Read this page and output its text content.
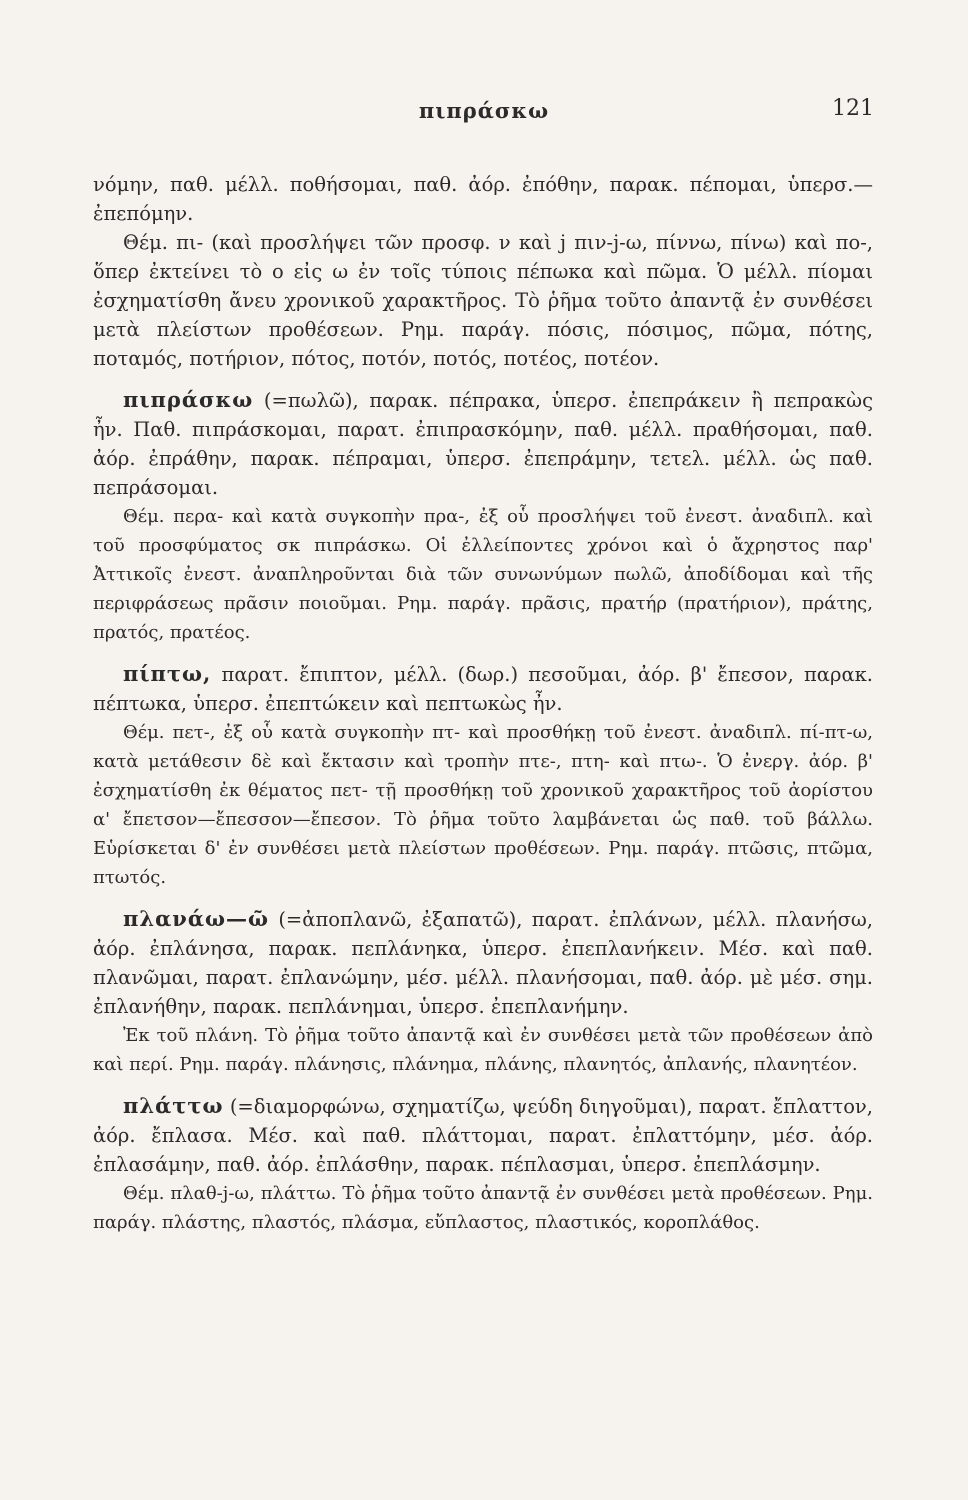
πιπράσκω	121

νόμην, παθ. μέλλ. ποθήσομαι, παθ. ἀόρ. ἐπόθην, παρακ. πέπομαι, ὑπερσ.—ἐπεπόμην.

Θέμ. πι- (καὶ προσλήψει τῶν προσφ. ν καὶ j πιν-j-ω, πίννω, πίνω) καὶ πο-, ὅπερ ἐκτείνει τὸ ο εἰς ω ἐν τοῖς τύποις πέπωκα καὶ πῶμα. Ὁ μέλλ. πίομαι ἐσχηματίσθη ἄνευ χρονικοῦ χαρακτῆρος. Τὸ ῥῆμα τοῦτο ἀπαντᾷ ἐν συνθέσει μετὰ πλείστων προθέσεων. Ρημ. παράγ. πόσις, πόσιμος, πῶμα, πότης, ποταμός, ποτήριον, πότος, ποτόν, ποτός, ποτέος, ποτέον.

πιπράσκω (=πωλῶ), παρακ. πέπρακα, ὑπερσ. ἐπεπράκειν ἢ πεπρακὼς ἦν. Παθ. πιπράσκομαι, παρατ. ἐπιπρασκόμην, παθ. μέλλ. πραθήσομαι, παθ. ἀόρ. ἐπράθην, παρακ. πέπραμαι, ὑπερσ. ἐπεπράμην, τετελ. μέλλ. ὡς παθ. πεπράσομαι.

Θέμ. περα- καὶ κατὰ συγκοπὴν πρα-, ἐξ οὗ προσλήψει τοῦ ἐνεστ. ἀναδιπλ. καὶ τοῦ προσφύματος σκ πιπράσκω. Οἱ ἐλλείποντες χρόνοι καὶ ὁ ἄχρηστος παρ' Ἀττικοῖς ἐνεστ. ἀναπληροῦνται διὰ τῶν συνωνύμων πωλῶ, ἀποδίδομαι καὶ τῆς περιφράσεως πρᾶσιν ποιοῦμαι. Ρημ. παράγ. πρᾶσις, πρατήρ (πρατήριον), πράτης, πρατός, πρατέος.

πίπτω, παρατ. ἔπιπτον, μέλλ. (δωρ.) πεσοῦμαι, ἀόρ. β' ἔπεσον, παρακ. πέπτωκα, ὑπερσ. ἐπεπτώκειν καὶ πεπτωκὼς ἦν.

Θέμ. πετ-, ἐξ οὗ κατὰ συγκοπὴν πτ- καὶ προσθήκῃ τοῦ ἐνεστ. ἀναδιπλ. πί-πτ-ω, κατὰ μετάθεσιν δὲ καὶ ἔκτασιν καὶ τροπὴν πτε-, πτη- καὶ πτω-. Ὁ ἐνεργ. ἀόρ. β' ἐσχηματίσθη ἐκ θέματος πετ- τῇ προσθήκῃ τοῦ χρονικοῦ χαρακτῆρος τοῦ ἀορίστου α' ἔπετσον—ἔπεσσον—ἔπεσον. Τὸ ῥῆμα τοῦτο λαμβάνεται ὡς παθ. τοῦ βάλλω. Εὑρίσκεται δ' ἐν συνθέσει μετὰ πλείστων προθέσεων. Ρημ. παράγ. πτῶσις, πτῶμα, πτωτός.

πλανάω—ῶ (=ἀποπλανῶ, ἐξαπατῶ), παρατ. ἐπλάνων, μέλλ. πλανήσω, ἀόρ. ἐπλάνησα, παρακ. πεπλάνηκα, ὑπερσ. ἐπεπλανήκειν. Μέσ. καὶ παθ. πλανῶμαι, παρατ. ἐπλανώμην, μέσ. μέλλ. πλανήσομαι, παθ. ἀόρ. μὲ μέσ. σημ. ἐπλανήθην, παρακ. πεπλάνημαι, ὑπερσ. ἐπεπλανήμην.

Ἐκ τοῦ πλάνη. Τὸ ῥῆμα τοῦτο ἀπαντᾷ καὶ ἐν συνθέσει μετὰ τῶν προθέσεων ἀπὸ καὶ περί. Ρημ. παράγ. πλάνησις, πλάνημα, πλάνης, πλανητός, ἀπλανής, πλανητέον.

πλάττω (=διαμορφώνω, σχηματίζω, ψεύδη διηγοῦμαι), παρατ. ἔπλαττον, ἀόρ. ἔπλασα. Μέσ. καὶ παθ. πλάττομαι, παρατ. ἐπλαττόμην, μέσ. ἀόρ. ἐπλασάμην, παθ. ἀόρ. ἐπλάσθην, παρακ. πέπλασμαι, ὑπερσ. ἐπεπλάσμην.

Θέμ. πλαθ-j-ω, πλάττω. Τὸ ῥῆμα τοῦτο ἀπαντᾷ ἐν συνθέσει μετὰ προθέσεων. Ρημ. παράγ. πλάστης, πλαστός, πλάσμα, εὔπλαστος, πλαστικός, κοροπλάθος.
